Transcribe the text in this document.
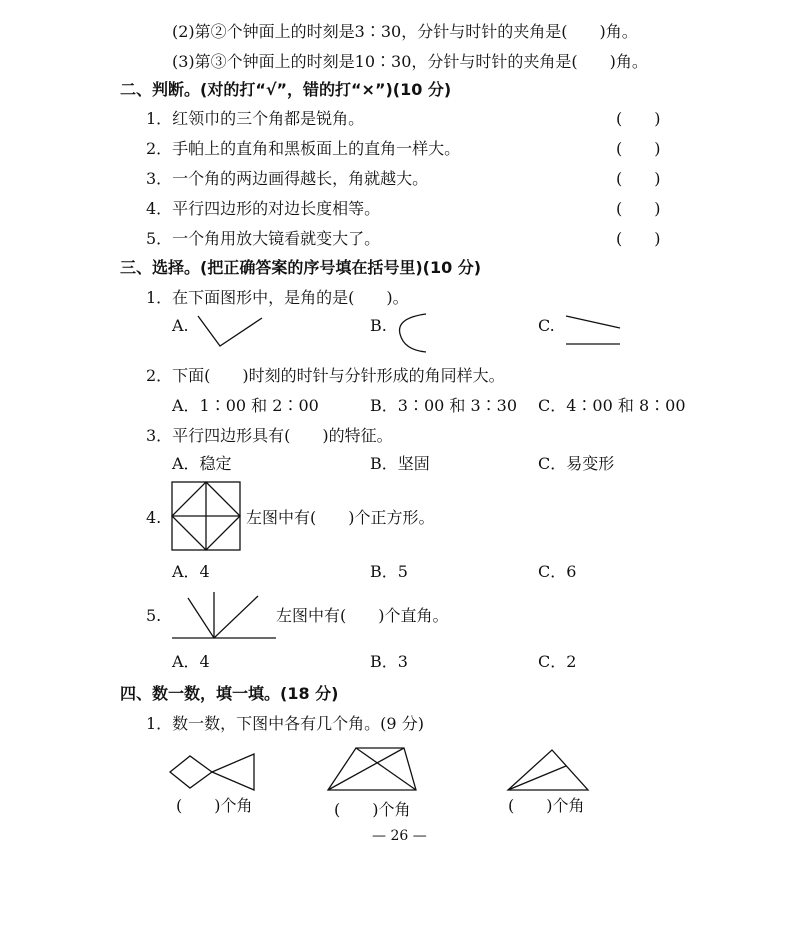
(2)第②个钟面上的时刻是3∶30，分针与时针的夹角是(　　)角。
(3)第③个钟面上的时刻是10∶30，分针与时针的夹角是(　　)角。
二、判断。(对的打“√”，错的打“×”)(10 分)
1．红领巾的三个角都是锐角。	(　　)
2．手帕上的直角和黑板面上的直角一样大。	(　　)
3．一个角的两边画得越长，角就越大。	(　　)
4．平行四边形的对边长度相等。	(　　)
5．一个角用放大镜看就变大了。	(　　)
三、选择。(把正确答案的序号填在括号里)(10 分)
1．在下面图形中，是角的是(　　)。
A.	B.	C.
2．下面(　　)时刻的时针与分针形成的角同样大。
A．1∶00 和 2∶00	B．3∶00 和 3∶30 C．4∶00 和 8∶00
3．平行四边形具有(　　)的特征。
A．稳定	B．坚固	C．易变形
4.	左图中有(　　)个正方形。
A．4	B．5	C．6
5.	左图中有(　　)个直角。
A．4	B．3	C．2
四、数一数，填一填。(18 分)
1．数一数，下图中各有几个角。(9 分)
(　　)个角	(　　)个角	(　　)个角
— 26 —
